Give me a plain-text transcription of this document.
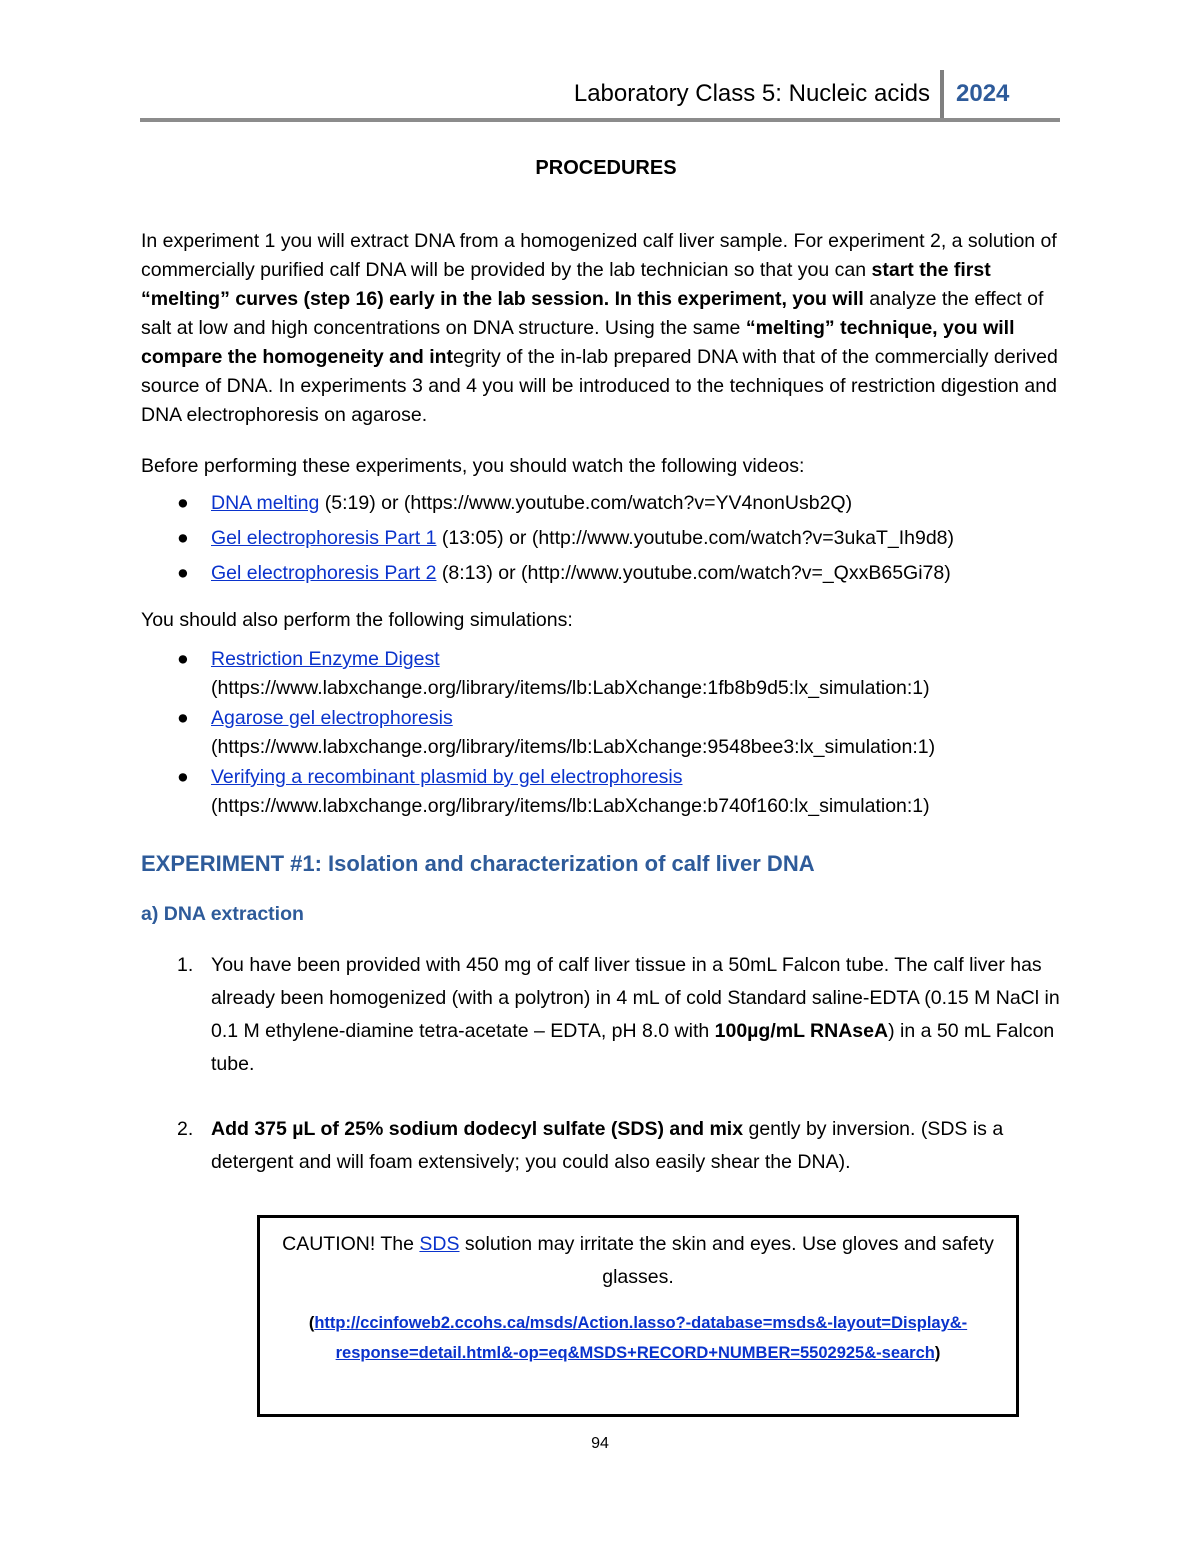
Laboratory Class 5: Nucleic acids 2024
PROCEDURES

In experiment 1 you will extract DNA from a homogenized calf liver sample. For experiment 2, a solution of commercially purified calf DNA will be provided by the lab technician so that you can start the first “melting” curves (step 16) early in the lab session. In this experiment, you will analyze the effect of salt at low and high concentrations on DNA structure. Using the same “melting” technique, you will compare the homogeneity and integrity of the in-lab prepared DNA with that of the commercially derived source of DNA. In experiments 3 and 4 you will be introduced to the techniques of restriction digestion and DNA electrophoresis on agarose.

Before performing these experiments, you should watch the following videos:

● DNA melting (5:19) or (https://www.youtube.com/watch?v=YV4nonUsb2Q)
● Gel electrophoresis Part 1 (13:05) or (http://www.youtube.com/watch?v=3ukaT_Ih9d8)
● Gel electrophoresis Part 2 (8:13) or (http://www.youtube.com/watch?v=_QxxB65Gi78)

You should also perform the following simulations:

● Restriction Enzyme Digest
(https://www.labxchange.org/library/items/lb:LabXchange:1fb8b9d5:lx_simulation:1)
● Agarose gel electrophoresis
(https://www.labxchange.org/library/items/lb:LabXchange:9548bee3:lx_simulation:1)
● Verifying a recombinant plasmid by gel electrophoresis
(https://www.labxchange.org/library/items/lb:LabXchange:b740f160:lx_simulation:1)
EXPERIMENT #1: Isolation and characterization of calf liver DNA
a) DNA extraction
1. You have been provided with 450 mg of calf liver tissue in a 50mL Falcon tube. The calf liver has already been homogenized (with a polytron) in 4 mL of cold Standard saline-EDTA (0.15 M NaCl in 0.1 M ethylene-diamine tetra-acetate – EDTA, pH 8.0 with 100µg/mL RNAseA) in a 50 mL Falcon tube.
2. Add 375 µL of 25% sodium dodecyl sulfate (SDS) and mix gently by inversion. (SDS is a detergent and will foam extensively; you could also easily shear the DNA).
CAUTION! The SDS solution may irritate the skin and eyes. Use gloves and safety glasses.
(http://ccinfoweb2.ccohs.ca/msds/Action.lasso?-database=msds&-layout=Display&-response=detail.html&-op=eq&MSDS+RECORD+NUMBER=5502925&-search)
94
